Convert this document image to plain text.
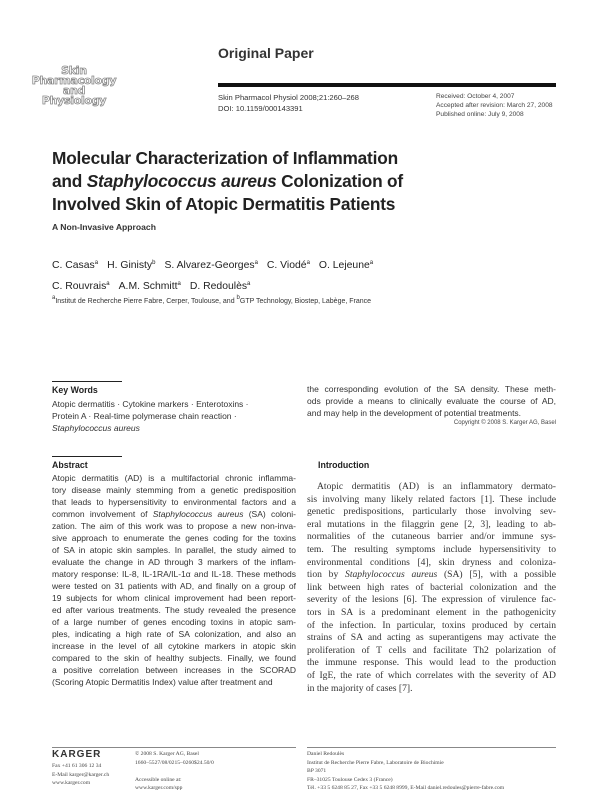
Skin
Pharmacology
and
Physiology
Original Paper
Skin Pharmacol Physiol 2008;21:260–268
DOI: 10.1159/000143391
Received: October 4, 2007
Accepted after revision: March 27, 2008
Published online: July 9, 2008
Molecular Characterization of Inflammation
and Staphylococcus aureus Colonization of
Involved Skin of Atopic Dermatitis Patients
A Non-Invasive Approach
C. Casas$^a$ H. Ginisty$^b$ S. Alvarez-Georges$^a$ C. Viodé$^a$ O. Lejeune$^a$
C. Rouvrais$^a$ A.M. Schmitt$^a$ D. Redoulès$^a$
$^a$Institut de Recherche Pierre Fabre, Cerper, Toulouse, and $^b$GTP Technology, Biostep, Labège, France
Key Words
Atopic dermatitis · Cytokine markers · Enterotoxins ·
Protein A · Real-time polymerase chain reaction ·
Staphylococcus aureus
Abstract
Atopic dermatitis (AD) is a multifactorial chronic inflamma-
tory disease mainly stemming from a genetic predisposition
that leads to hypersensitivity to environmental factors and a
common involvement of Staphylococcus aureus (SA) coloni-
zation. The aim of this work was to propose a new non-inva-
sive approach to enumerate the genes coding for the toxins
of SA in atopic skin samples. In parallel, the study aimed to
evaluate the change in AD through 3 markers of the inflam-
matory response: IL-8, IL-1RA/IL-1α and IL-18. These methods
were tested on 31 patients with AD, and finally on a group of
19 subjects for whom clinical improvement had been report-
ed after various treatments. The study revealed the presence
of a large number of genes encoding toxins in atopic sam-
ples, indicating a high rate of SA colonization, and also an
increase in the level of all cytokine markers in atopic skin
compared to the skin of healthy subjects. Finally, we found
a positive correlation between increases in the SCORAD
(Scoring Atopic Dermatitis Index) value after treatment and
the corresponding evolution of the SA density. These meth-
ods provide a means to clinically evaluate the course of AD,
and may help in the development of potential treatments.
Copyright © 2008 S. Karger AG, Basel
Introduction
Atopic dermatitis (AD) is an inflammatory dermato-
sis involving many likely related factors [1]. These include
genetic predispositions, particularly those involving sev-
eral mutations in the filaggrin gene [2, 3], leading to ab-
normalities of the cutaneous barrier and/or immune sys-
tem. The resulting symptoms include hypersensitivity to
environmental conditions [4], skin dryness and coloniza-
tion by Staphylococcus aureus (SA) [5], with a possible
link between high rates of bacterial colonization and the
severity of the lesions [6]. The expression of virulence fac-
tors in SA is a predominant element in the pathogenicity
of the infection. In particular, toxins produced by certain
strains of SA and acting as superantigens may activate the
proliferation of T cells and facilitate Th2 polarization of
the immune response. This would lead to the production
of IgE, the rate of which correlates with the severity of AD
in the majority of cases [7].
KARGER
Fax +41 61 306 12 34
E-Mail karger@karger.ch
www.karger.com
© 2008 S. Karger AG, Basel
1660–5527/08/0215–0260$24.50/0
Accessible online at:
www.karger.com/spp
Daniel Redoulès
Institut de Recherche Pierre Fabre, Laboratoire de Biochimie
BP 3071
FR–31025 Toulouse Cedex 3 (France)
Tél. +33 5 6248 85 27, Fax +33 5 6248 8999, E-Mail daniel.redoules@pierre-fabre.com
